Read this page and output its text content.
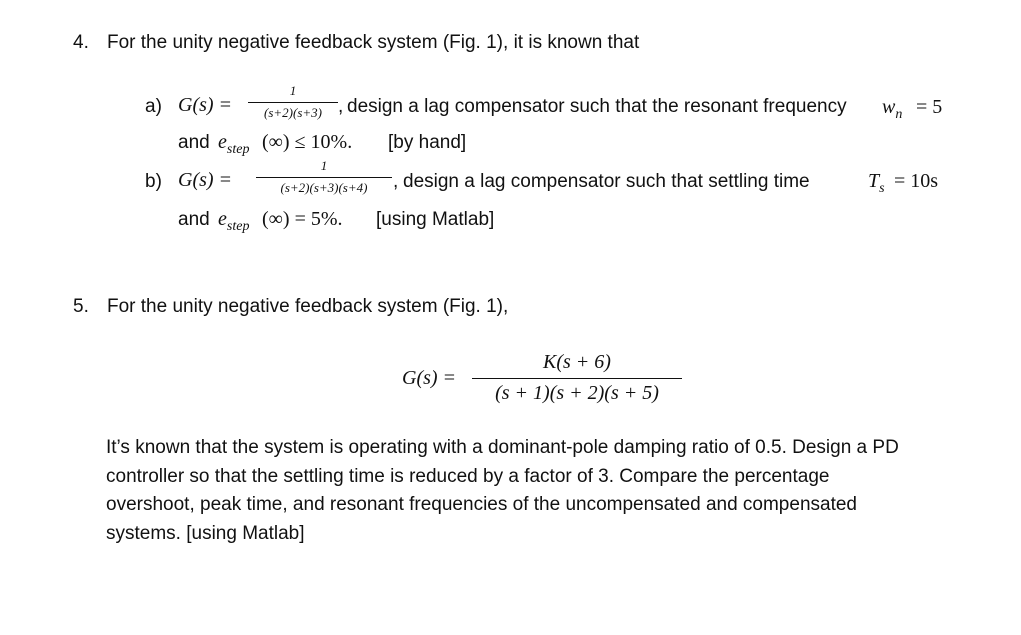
4. For the unity negative feedback system (Fig. 1), it is known that
a) G(s) =
1
(s+2)(s+3) , design a lag compensator such that the resonant frequency $w_n = 5$
and $e_{step}$ (∞) ≤ 10%. [by hand]
b) G(s) =
1
(s+2)(s+3)(s+4)	, design a lag compensator such that settling time	$T_s = 10s$
and $e_{step}$ (∞) = 5%. [using Matlab]
5. For the unity negative feedback system (Fig. 1),
G(s) =
K(s + 6)
(s + 1)(s + 2)(s + 5)
It’s known that the system is operating with a dominant-pole damping ratio of 0.5. Design a PD
controller so that the settling time is reduced by a factor of 3. Compare the percentage
overshoot, peak time, and resonant frequencies of the uncompensated and compensated
systems. [using Matlab]
